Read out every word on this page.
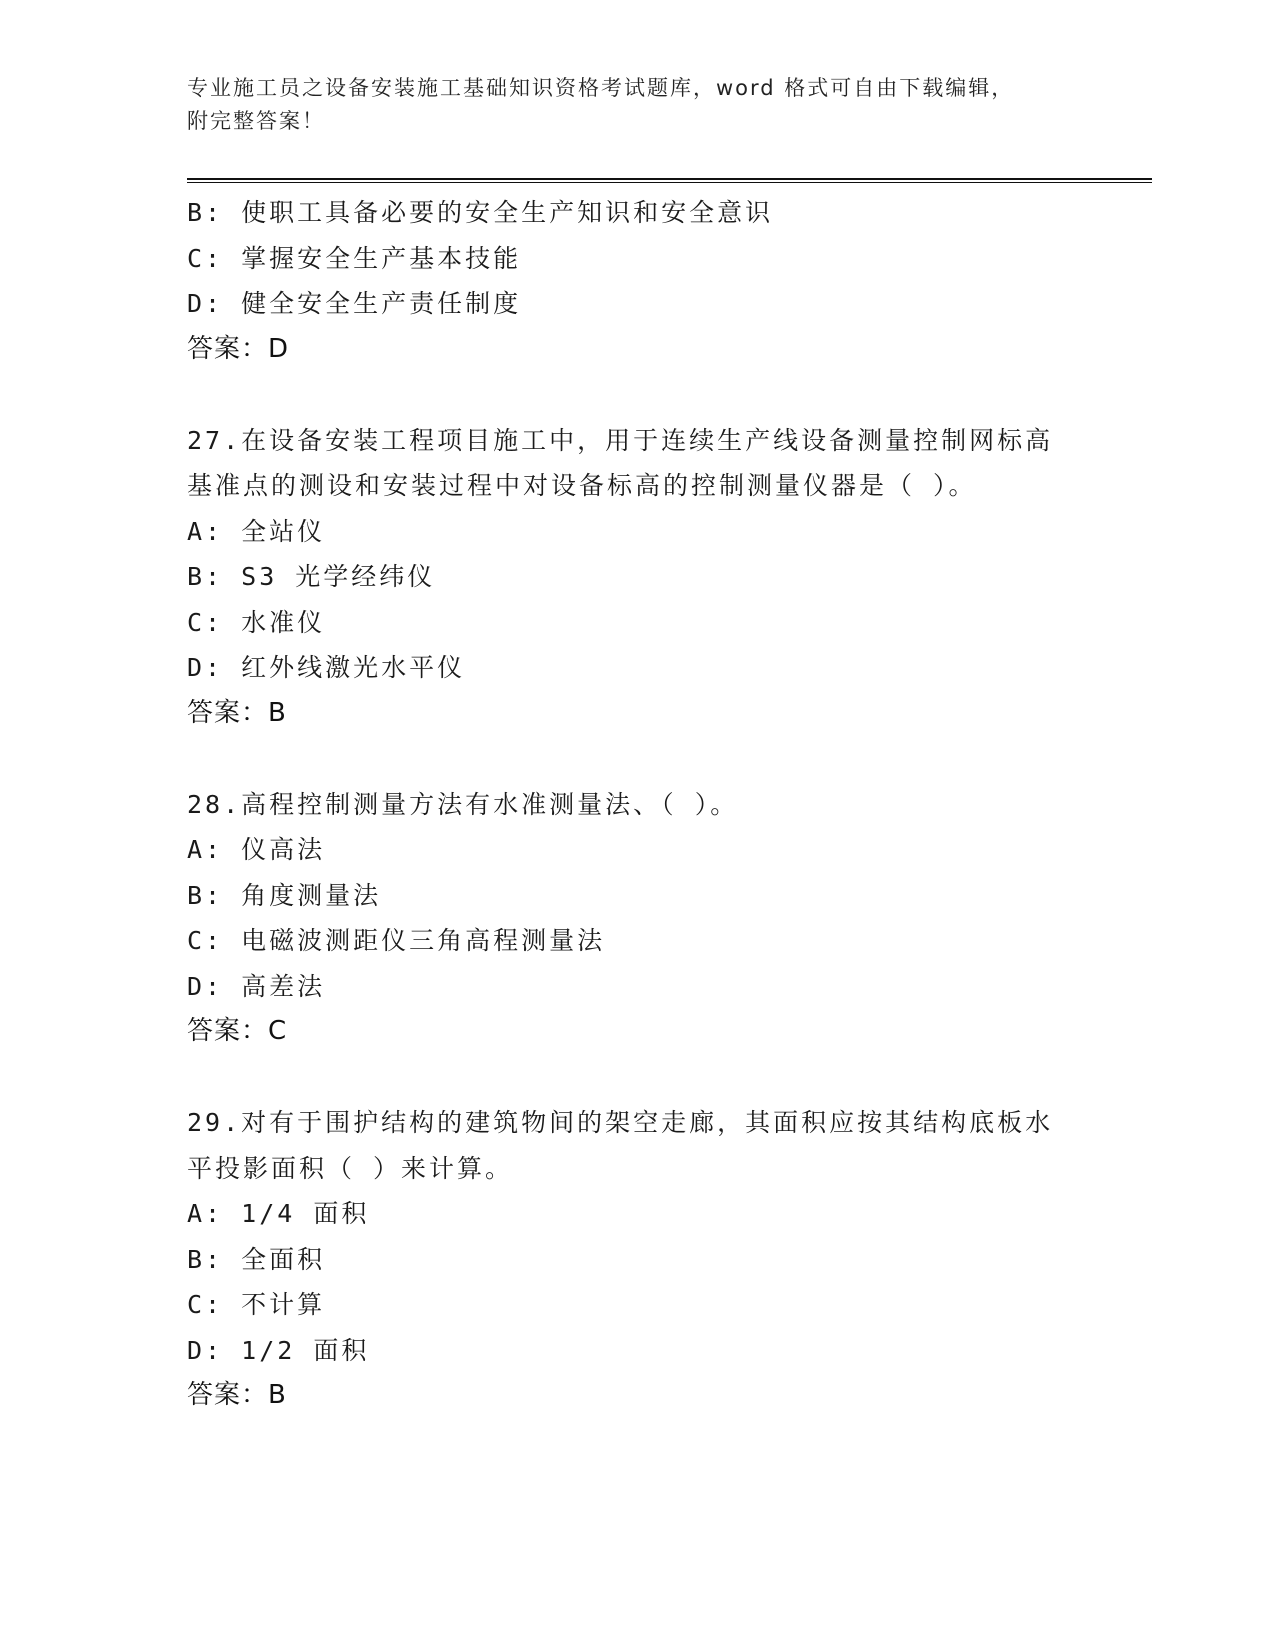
专业施工员之设备安装施工基础知识资格考试题库，word 格式可自由下载编辑，
附完整答案！
B: 使职工具备必要的安全生产知识和安全意识
C: 掌握安全生产基本技能
D: 健全安全生产责任制度
答案：D
27.在设备安装工程项目施工中，用于连续生产线设备测量控制网标高
基准点的测设和安装过程中对设备标高的控制测量仪器是（ ）。
A: 全站仪
B: S3 光学经纬仪
C: 水准仪
D: 红外线激光水平仪
答案：B
28.高程控制测量方法有水准测量法、（ ）。
A: 仪高法
B: 角度测量法
C: 电磁波测距仪三角高程测量法
D: 高差法
答案：C
29.对有于围护结构的建筑物间的架空走廊，其面积应按其结构底板水
平投影面积（ ）来计算。
A: 1/4 面积
B: 全面积
C: 不计算
D: 1/2 面积
答案：B
